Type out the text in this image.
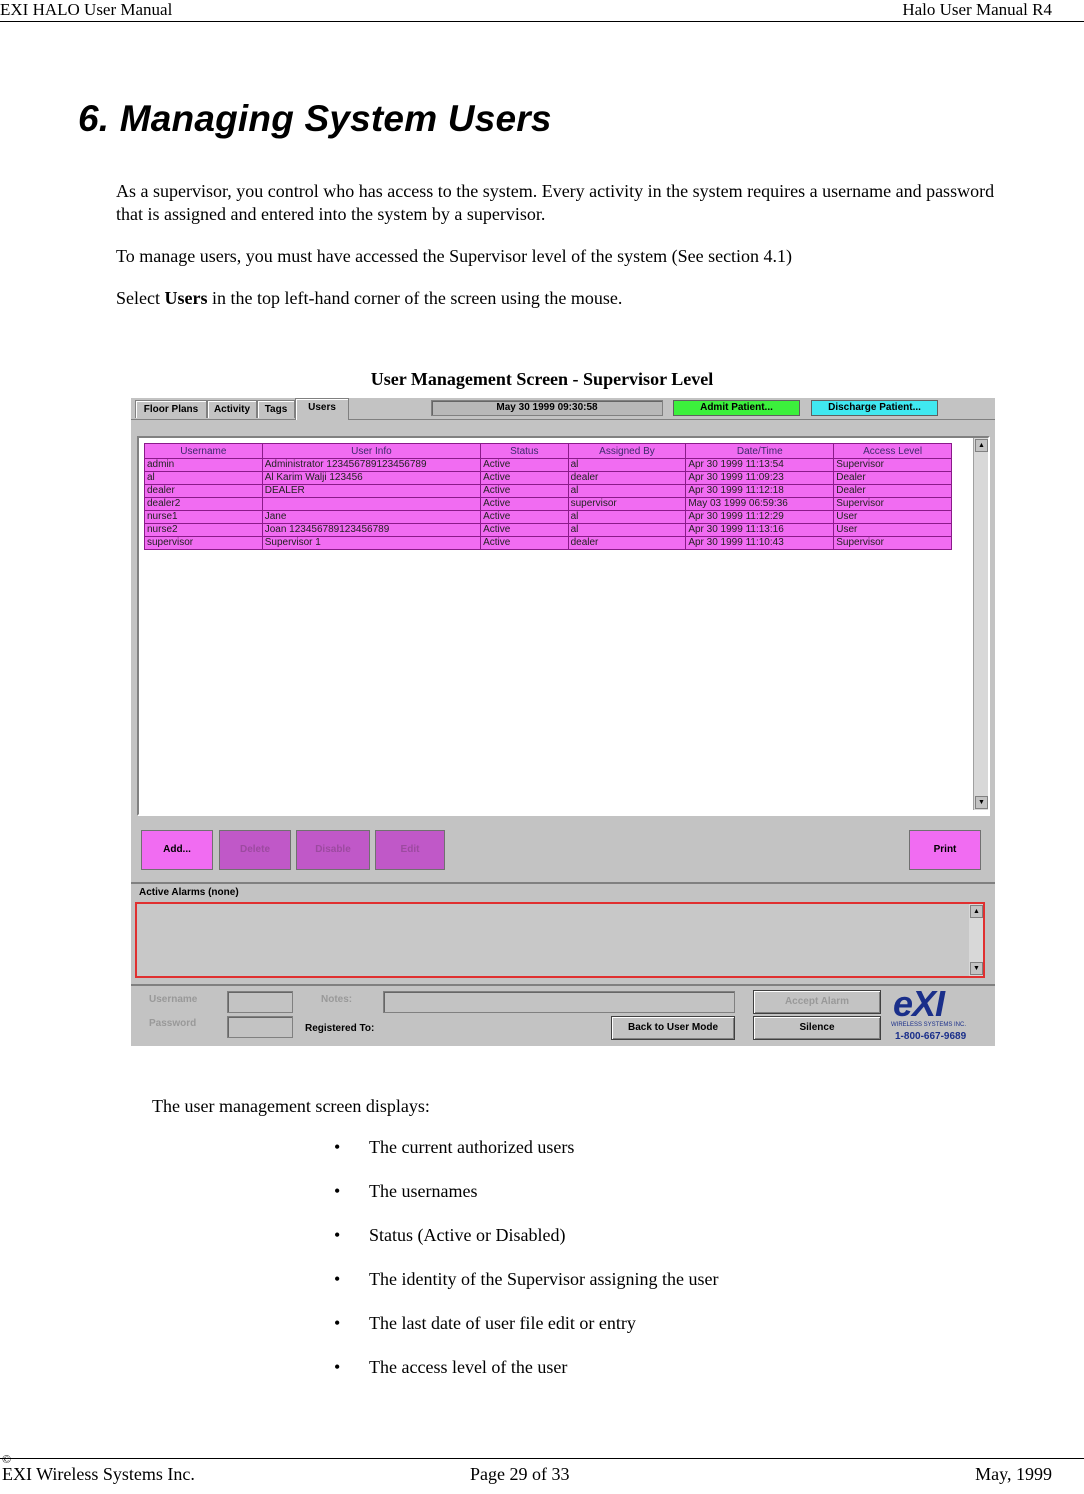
EXI HALO User Manual	Halo User Manual R4
6. Managing System Users
As a supervisor, you control who has access to the system. Every activity in the system requires a username and password that is assigned and entered into the system by a supervisor.
To manage users, you must have accessed the Supervisor level of the system (See section 4.1)
Select Users in the top left-hand corner of the screen using the mouse.
User Management Screen - Supervisor Level
Floor Plans	Activity	Tags	Users	May 30 1999 09:30:58	Admit Patient...	Discharge Patient...
Username	User Info	Status	Assigned By	Date/Time	Access Level
admin	Administrator 1234567891234567​89	Active	al	Apr 30 1999 11:13:54	Supervisor
al	Al Karim Walji 123456	Active	dealer	Apr 30 1999 11:09:23	Dealer
dealer	DEALER	Active	al	Apr 30 1999 11:12:18	Dealer
dealer2		Active	supervisor	May 03 1999 06:59:36	Supervisor
nurse1	Jane	Active	al	Apr 30 1999 11:12:29	User
nurse2	Joan 123456789123456789	Active	al	Apr 30 1999 11:13:16	User
supervisor	Supervisor 1	Active	dealer	Apr 30 1999 11:10:43	Supervisor
▲
▼
Add...	Delete	Disable	Edit	Print
Active Alarms (none)
▲
▼
Username
Password
Notes:
Registered To:	Back to User Mode
Accept Alarm
Silence
eXI
WIRELESS SYSTEMS INC.
1-800-667-9689
The user management screen displays:
• The current authorized users
• The usernames
• Status (Active or Disabled)
• The identity of the Supervisor assigning the user
• The last date of user file edit or entry
• The access level of the user
©
EXI Wireless Systems Inc.	Page 29 of 33	May, 1999
